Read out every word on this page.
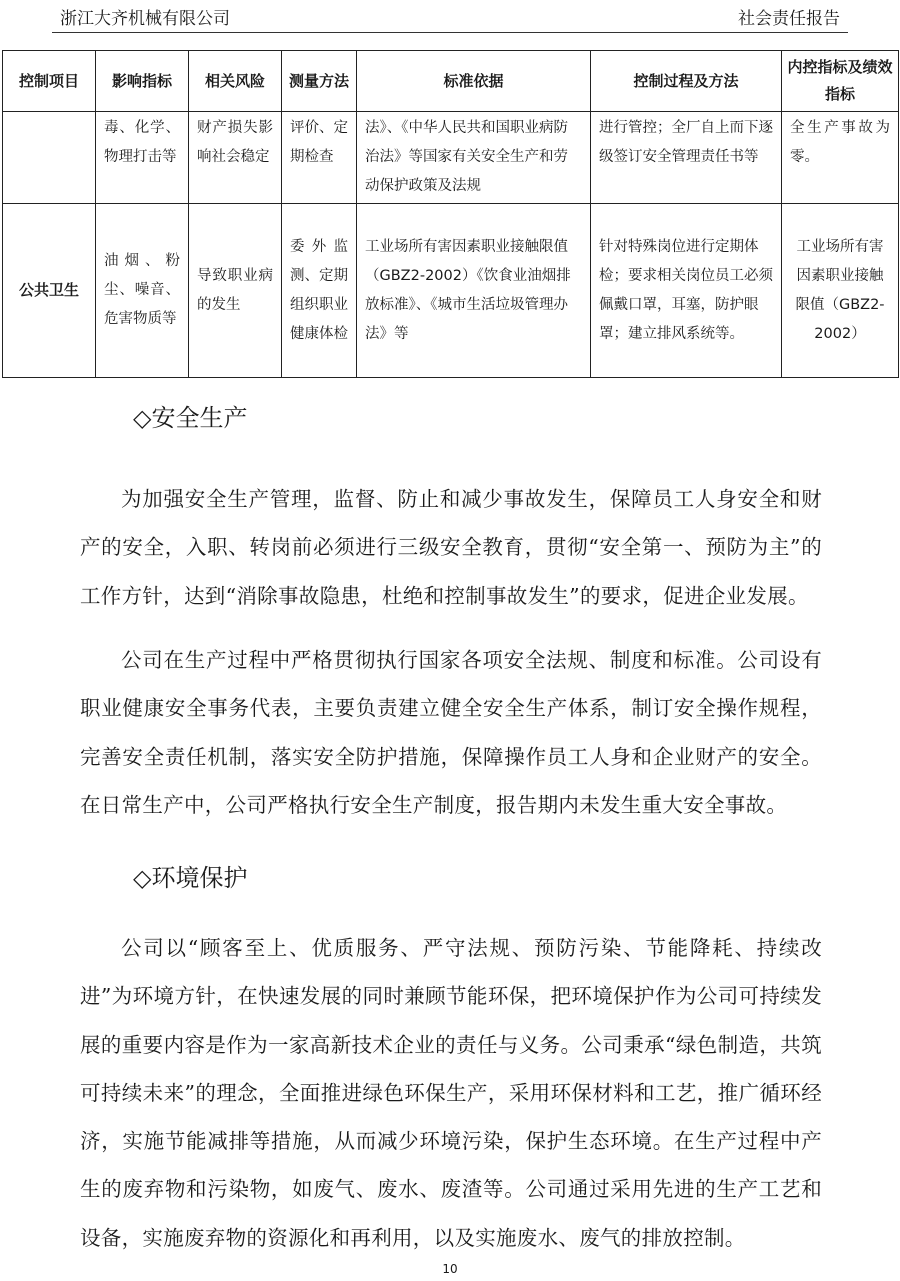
浙江大齐机械有限公司	社会责任报告
控制项目	影响指标	相关风险	测量方法	标准依据	控制过程及方法	内控指标及绩效指标
	毒、化学、物理打击等	财产损失影响社会稳定	评价、定期检查	法》、《中华人民共和国职业病防治法》等国家有关安全生产和劳动保护政策及法规	进行管控；全厂自上而下逐级签订安全管理责任书等	全生产事故为零。
公共卫生	油烟、粉尘、噪音、危害物质等	导致职业病的发生	委外监测、定期组织职业健康体检	工业场所有害因素职业接触限值（GBZ2-2002）《饮食业油烟排放标准》、《城市生活垃圾管理办法》等	针对特殊岗位进行定期体检；要求相关岗位员工必须佩戴口罩，耳塞，防护眼罩；建立排风系统等。	工业场所有害因素职业接触限值（GBZ2-2002）
◇安全生产

为加强安全生产管理，监督、防止和减少事故发生，保障员工人身安全和财产的安全，入职、转岗前必须进行三级安全教育，贯彻“安全第一、预防为主”的工作方针，达到“消除事故隐患，杜绝和控制事故发生”的要求，促进企业发展。

公司在生产过程中严格贯彻执行国家各项安全法规、制度和标准。公司设有职业健康安全事务代表，主要负责建立健全安全生产体系，制订安全操作规程，完善安全责任机制，落实安全防护措施，保障操作员工人身和企业财产的安全。在日常生产中，公司严格执行安全生产制度，报告期内未发生重大安全事故。

◇环境保护

公司以“顾客至上、优质服务、严守法规、预防污染、节能降耗、持续改进”为环境方针，在快速发展的同时兼顾节能环保，把环境保护作为公司可持续发展的重要内容是作为一家高新技术企业的责任与义务。公司秉承“绿色制造，共筑可持续未来”的理念，全面推进绿色环保生产，采用环保材料和工艺，推广循环经济，实施节能减排等措施，从而减少环境污染，保护生态环境。在生产过程中产生的废弃物和污染物，如废气、废水、废渣等。公司通过采用先进的生产工艺和设备，实施废弃物的资源化和再利用，以及实施废水、废气的排放控制。

10
